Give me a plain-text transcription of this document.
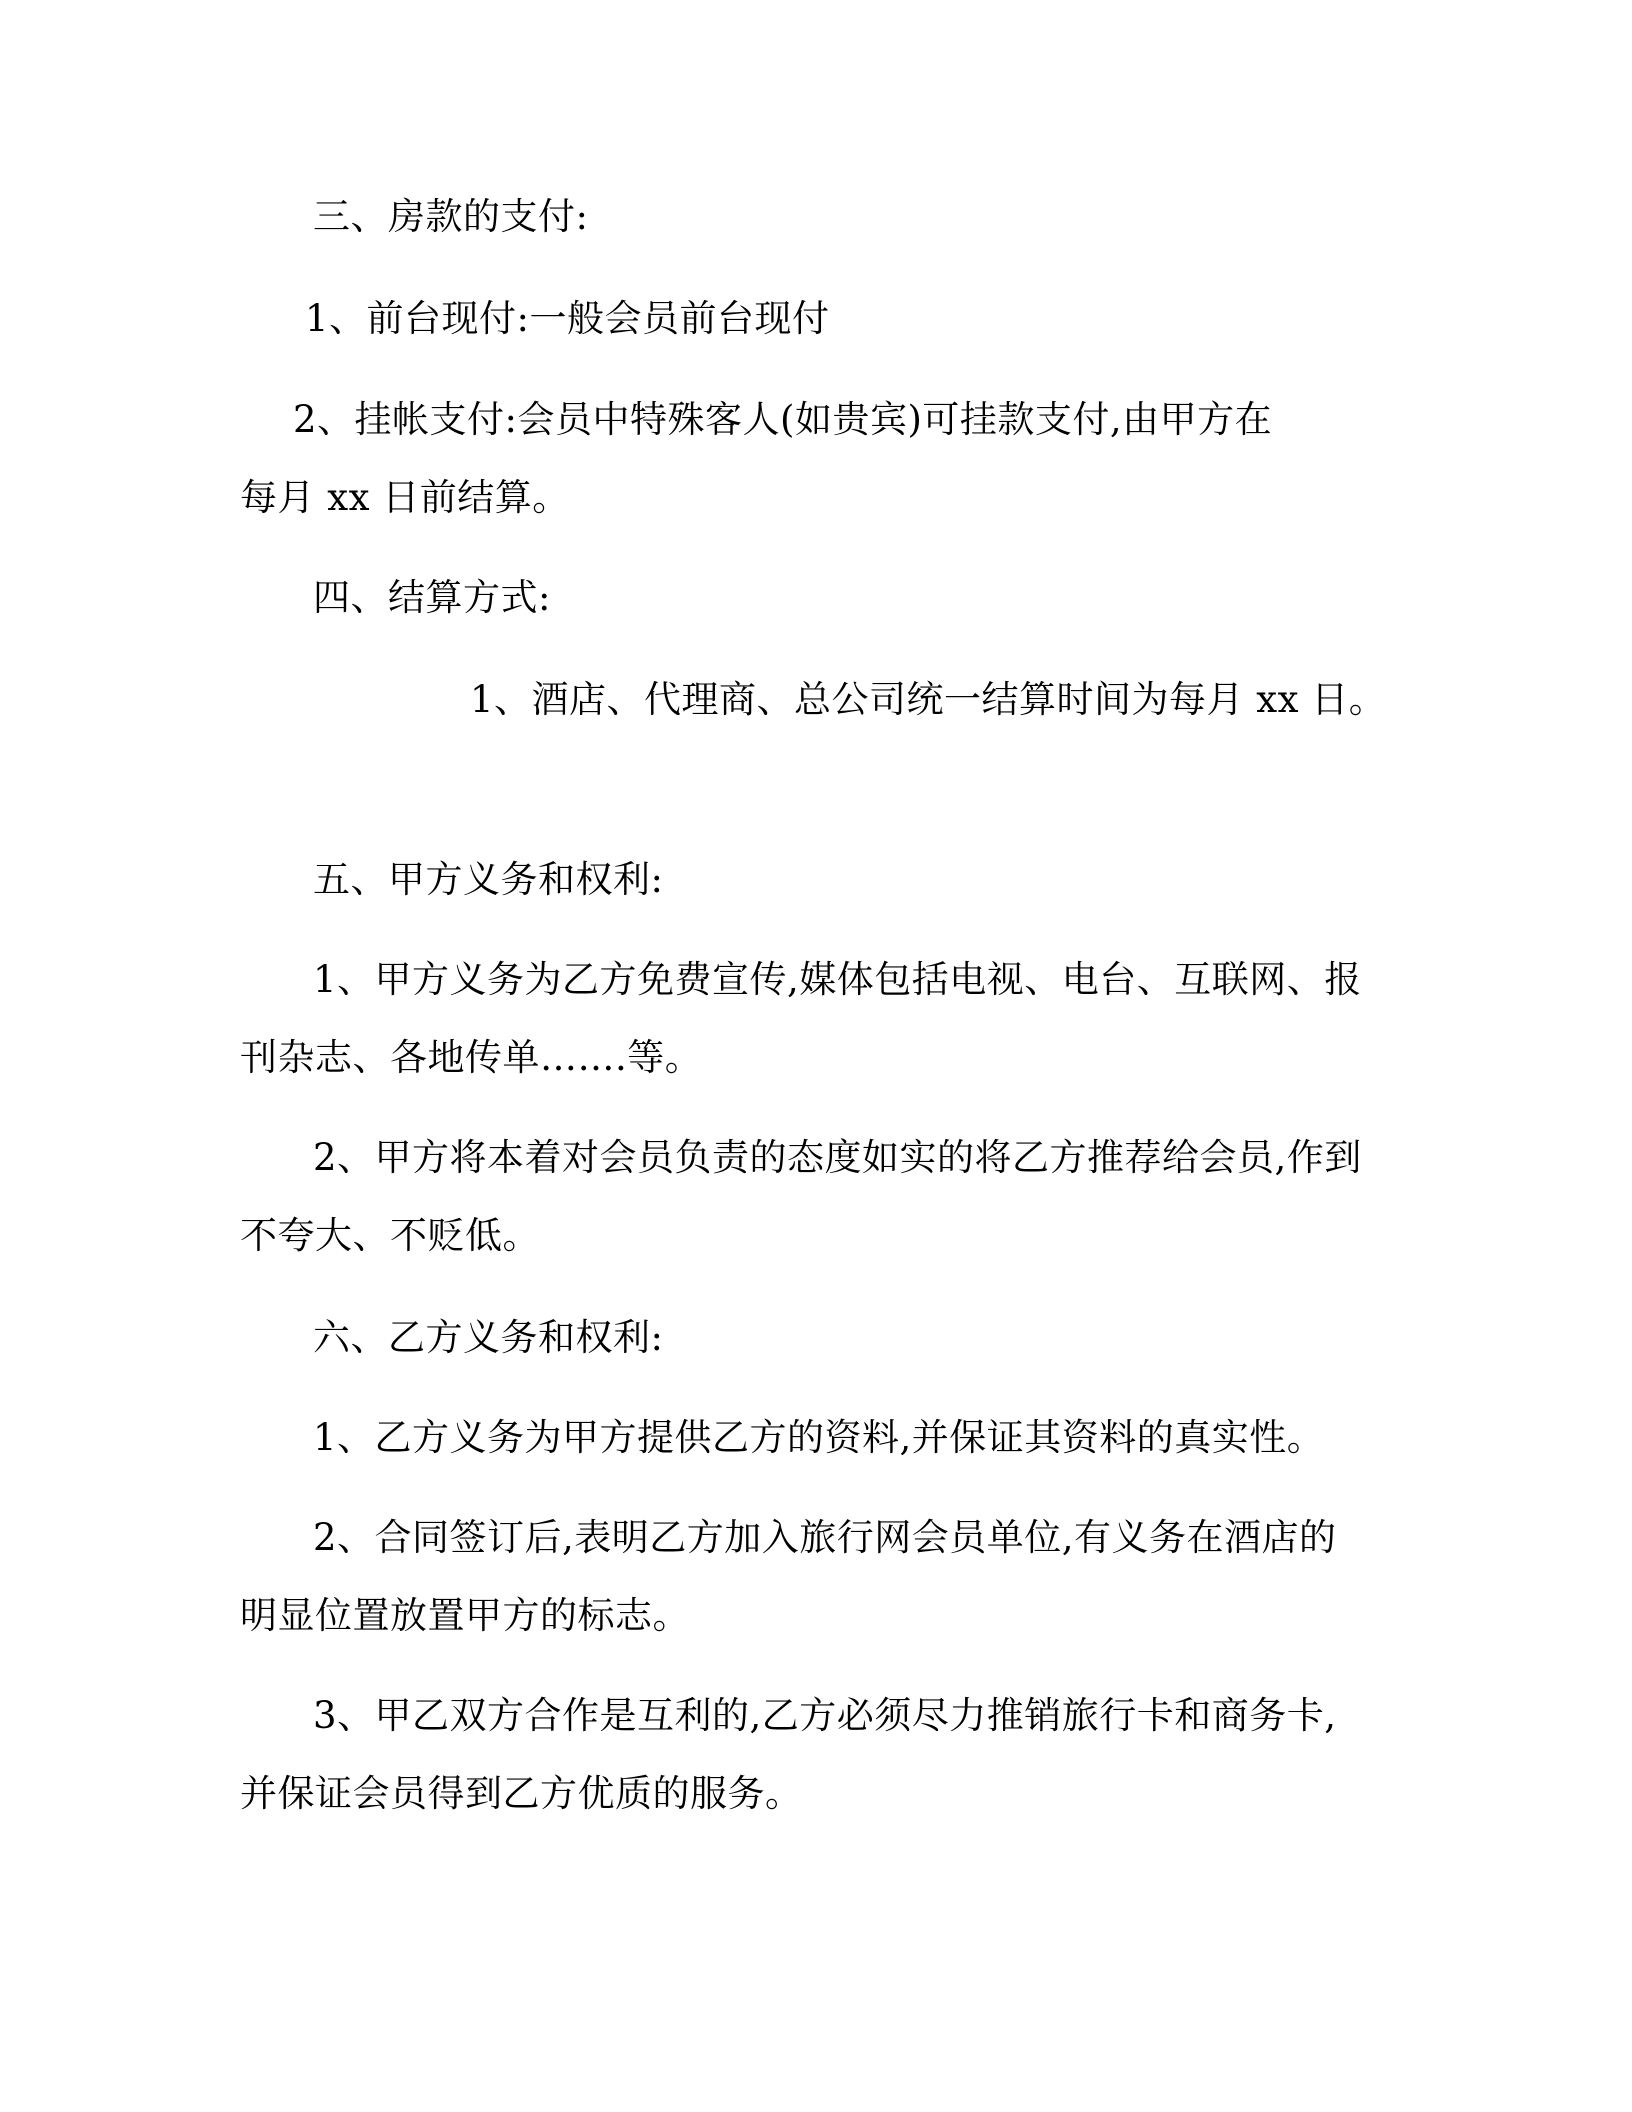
三、房款的支付:

1、前台现付:一般会员前台现付

2、挂帐支付:会员中特殊客人(如贵宾)可挂款支付,由甲方在

每月 xx 日前结算。

四、结算方式:

1、酒店、代理商、总公司统一结算时间为每月 xx 日。

五、甲方义务和权利:

1、甲方义务为乙方免费宣传,媒体包括电视、电台、互联网、报

刊杂志、各地传单…….等。

2、甲方将本着对会员负责的态度如实的将乙方推荐给会员,作到

不夸大、不贬低。

六、乙方义务和权利:

1、乙方义务为甲方提供乙方的资料,并保证其资料的真实性。

2、合同签订后,表明乙方加入旅行网会员单位,有义务在酒店的

明显位置放置甲方的标志。

3、甲乙双方合作是互利的,乙方必须尽力推销旅行卡和商务卡,

并保证会员得到乙方优质的服务。
